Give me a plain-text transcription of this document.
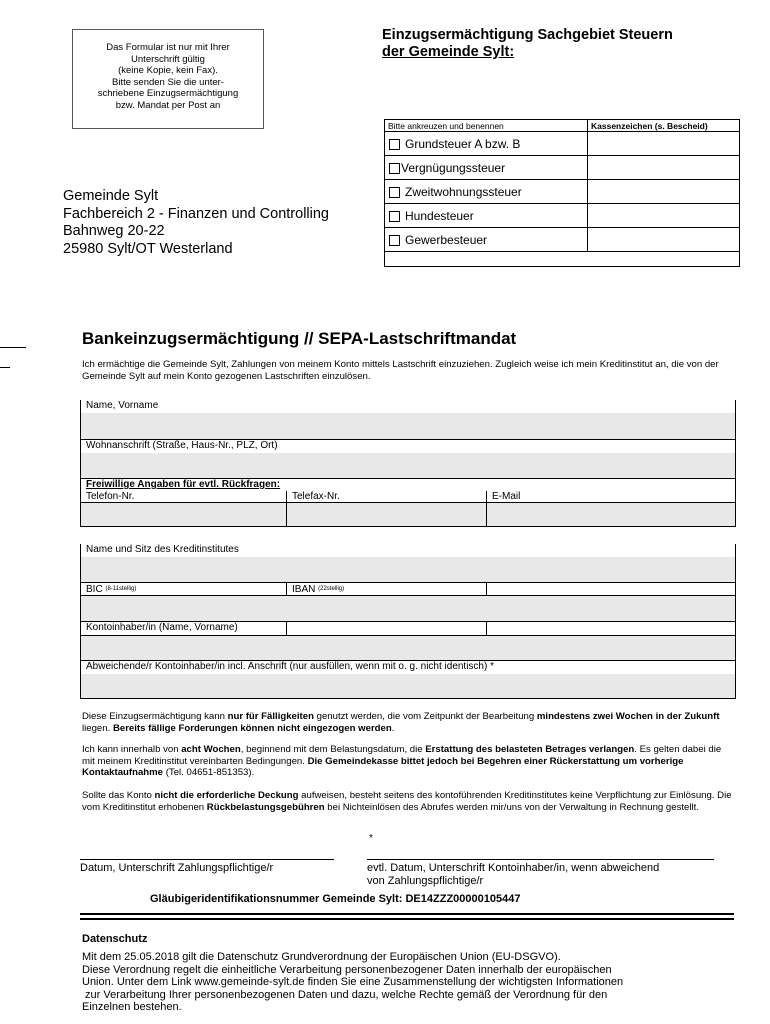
Das Formular ist nur mit Ihrer
Unterschrift gültig
(keine Kopie, kein Fax).
Bitte senden Sie die unter-
schriebene Einzugsermächtigung
bzw. Mandat per Post an
Einzugsermächtigung Sachgebiet Steuern
der Gemeinde Sylt:
Gemeinde Sylt
Fachbereich 2 - Finanzen und Controlling
Bahnweg 20-22
25980 Sylt/OT Westerland
Bitte ankreuzen und benennen	Kassenzeichen (s. Bescheid)
Grundsteuer A bzw. B	
Vergnügungssteuer	
Zweitwohnungssteuer	
Hundesteuer	
Gewerbesteuer	

Bankeinzugsermächtigung // SEPA-Lastschriftmandat
Ich ermächtige die Gemeinde Sylt, Zahlungen von meinem Konto mittels Lastschrift einzuziehen. Zugleich weise ich mein Kreditinstitut an, die von der Gemeinde Sylt auf mein Konto gezogenen Lastschriften einzulösen.
Name, Vorname
Wohnanschrift (Straße, Haus-Nr., PLZ, Ort)
Freiwillige Angaben für evtl. Rückfragen:
Telefon-Nr.	Telefax-Nr.	E-Mail
Name und Sitz des Kreditinstitutes
BIC $^{(8-11stellig)}$	IBAN $^{(22stellig)}$
Kontoinhaber/in (Name, Vorname)
Abweichende/r Kontoinhaber/in incl. Anschrift (nur ausfüllen, wenn mit o. g. nicht identisch) *
Diese Einzugsermächtigung kann nur für Fälligkeiten genutzt werden, die vom Zeitpunkt der Bearbeitung mindestens zwei Wochen in der Zukunft liegen. Bereits fällige Forderungen können nicht eingezogen werden.
Ich kann innerhalb von acht Wochen, beginnend mit dem Belastungsdatum, die Erstattung des belasteten Betrages verlangen. Es gelten dabei die mit meinem Kreditinstitut vereinbarten Bedingungen. Die Gemeindekasse bittet jedoch bei Begehren einer Rückerstattung um vorherige Kontaktaufnahme (Tel. 04651-851353).
Sollte das Konto nicht die erforderliche Deckung aufweisen, besteht seitens des kontoführenden Kreditinstitutes keine Verpflichtung zur Einlösung. Die vom Kreditinstitut erhobenen Rückbelastungsgebühren bei Nichteinlösen des Abrufes werden mir/uns von der Verwaltung in Rechnung gestellt.
*
Datum, Unterschrift Zahlungspflichtige/r	evtl. Datum, Unterschrift Kontoinhaber/in, wenn abweichend
von Zahlungspflichtige/r
Gläubigeridentifikationsnummer Gemeinde Sylt: DE14ZZZ00000105447
Datenschutz
Mit dem 25.05.2018 gilt die Datenschutz Grundverordnung der Europäischen Union (EU-DSGVO).
Diese Verordnung regelt die einheitliche Verarbeitung personenbezogener Daten innerhalb der europäischen
Union. Unter dem Link www.gemeinde-sylt.de finden Sie eine Zusammenstellung der wichtigsten Informationen
zur Verarbeitung Ihrer personenbezogenen Daten und dazu, welche Rechte gemäß der Verordnung für den
Einzelnen bestehen.
